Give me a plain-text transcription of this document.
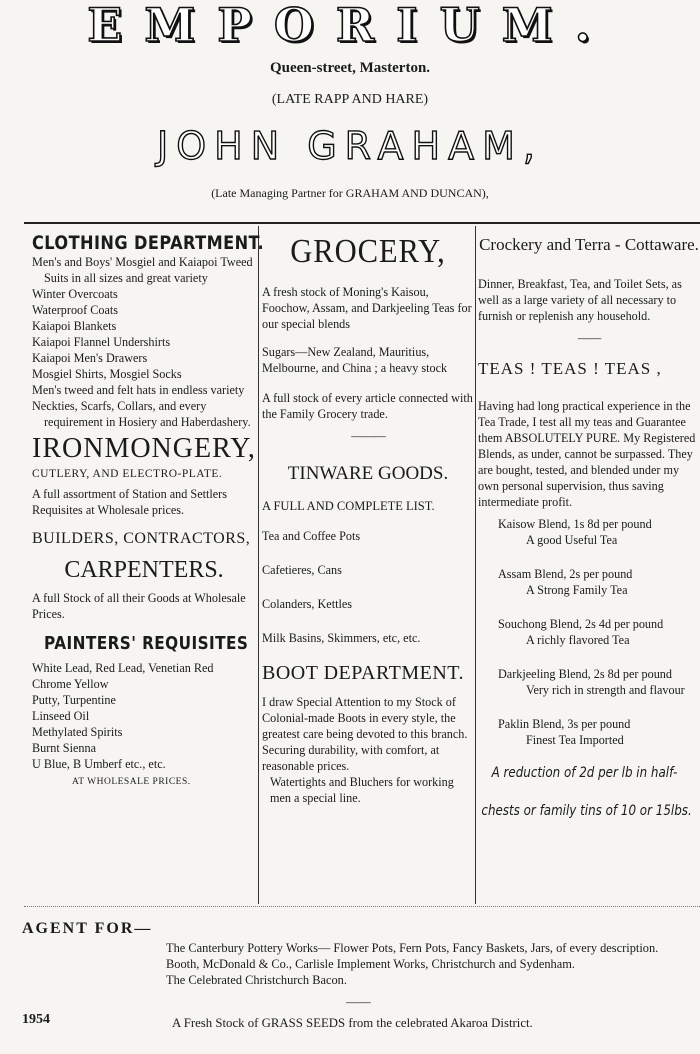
EMPORIUM.
Queen-street, Masterton.
(LATE RAPP AND HARE)
JOHN GRAHAM,
(Late Managing Partner for GRAHAM AND DUNCAN),
CLOTHING DEPARTMENT.

Men's and Boys' Mosgiel and Kaiapoi Tweed Suits in all sizes and great variety

Winter Overcoats

Waterproof Coats

Kaiapoi Blankets

Kaiapoi Flannel Undershirts

Kaiapoi Men's Drawers

Mosgiel Shirts, Mosgiel Socks

Men's tweed and felt hats in endless variety

Neckties, Scarfs, Collars, and every requirement in Hosiery and Haberdashery.

IRONMONGERY,

CUTLERY, AND ELECTRO-PLATE.

A full assortment of Station and Settlers Requisites at Wholesale prices.

BUILDERS, CONTRACTORS,

CARPENTERS.

A full Stock of all their Goods at Wholesale Prices.

PAINTERS' REQUISITES

White Lead, Red Lead, Venetian Red

Chrome Yellow

Putty, Turpentine

Linseed Oil

Methylated Spirits

Burnt Sienna

U Blue, B Umberf etc., etc.

AT WHOLESALE PRICES.

GROCERY,

A fresh stock of Moning's Kaisou, Foochow, Assam, and Darkjeeling Teas for our special blends

Sugars—New Zealand, Mauritius, Melbourne, and China ; a heavy stock

A full stock of every article connected with the Family Grocery trade.

———

TINWARE GOODS.

A FULL AND COMPLETE LIST.

Tea and Coffee Pots

Cafetieres, Cans

Colanders, Kettles

Milk Basins, Skimmers, etc, etc.

BOOT DEPARTMENT.

I draw Special Attention to my Stock of Colonial-made Boots in every style, the greatest care being devoted to this branch. Securing durability, with comfort, at reasonable prices.

Watertights and Bluchers for working men a special line.

Crockery and Terra - Cottaware.

Dinner, Breakfast, Tea, and Toilet Sets, as well as a large variety of all necessary to furnish or replenish any household.

——

TEAS ! TEAS ! TEAS ,

Having had long practical experience in the Tea Trade, I test all my teas and Guarantee them ABSOLUTELY PURE. My Registered Blends, as under, cannot be surpassed. They are bought, tested, and blended under my own personal supervision, thus saving intermediate profit.

Kaisow Blend, 1s 8d per pound

A good Useful Tea

Assam Blend, 2s per pound

A Strong Family Tea

Souchong Blend, 2s 4d per pound

A richly flavored Tea

Darkjeeling Blend, 2s 8d per pound

Very rich in strength and flavour

Paklin Blend, 3s per pound

Finest Tea Imported

A reduction of 2d per lb in half-
chests or family tins of 10 or 15lbs.
AGENT FOR—

The Canterbury Pottery Works— Flower Pots, Fern Pots, Fancy Baskets, Jars, of every description.

Booth, McDonald & Co., Carlisle Implement Works, Christchurch and Sydenham.

The Celebrated Christchurch Bacon.

——

1954	A Fresh Stock of GRASS SEEDS from the celebrated Akaroa District.
